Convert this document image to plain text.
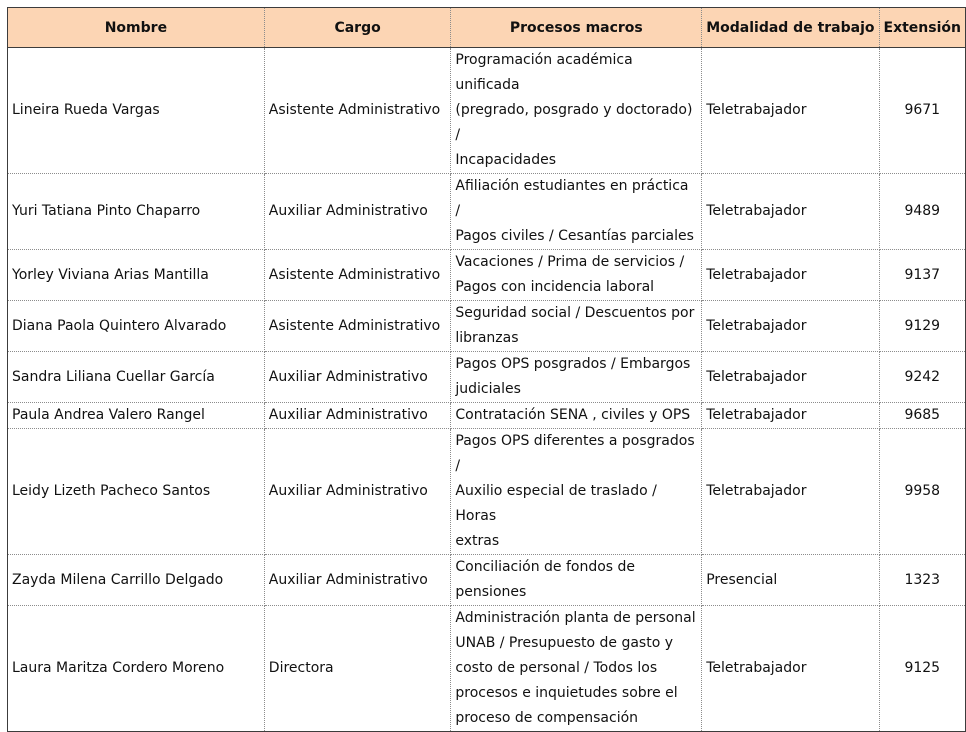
Nombre	Cargo	Procesos macros	Modalidad de trabajo	Extensión
Lineira Rueda Vargas	Asistente Administrativo	Programación académica unificada
(pregrado, posgrado y doctorado) /
Incapacidades	Teletrabajador	9671
Yuri Tatiana Pinto Chaparro	Auxiliar Administrativo	Afiliación estudiantes en práctica /
Pagos civiles / Cesantías parciales	Teletrabajador	9489
Yorley Viviana Arias Mantilla	Asistente Administrativo	Vacaciones / Prima de servicios /
Pagos con incidencia laboral	Teletrabajador	9137
Diana Paola Quintero Alvarado	Asistente Administrativo	Seguridad social / Descuentos por
libranzas	Teletrabajador	9129
Sandra Liliana Cuellar García	Auxiliar Administrativo	Pagos OPS posgrados / Embargos
judiciales	Teletrabajador	9242
Paula Andrea Valero Rangel	Auxiliar Administrativo	Contratación SENA , civiles y OPS	Teletrabajador	9685
Leidy Lizeth Pacheco Santos	Auxiliar Administrativo	Pagos OPS diferentes a posgrados /
Auxilio especial de traslado / Horas
extras	Teletrabajador	9958
Zayda Milena Carrillo Delgado	Auxiliar Administrativo	Conciliación de fondos de pensiones	Presencial	1323
Laura Maritza Cordero Moreno	Directora	Administración planta de personal
UNAB / Presupuesto de gasto y
costo de personal / Todos los
procesos e inquietudes sobre el
proceso de compensación	Teletrabajador	9125
